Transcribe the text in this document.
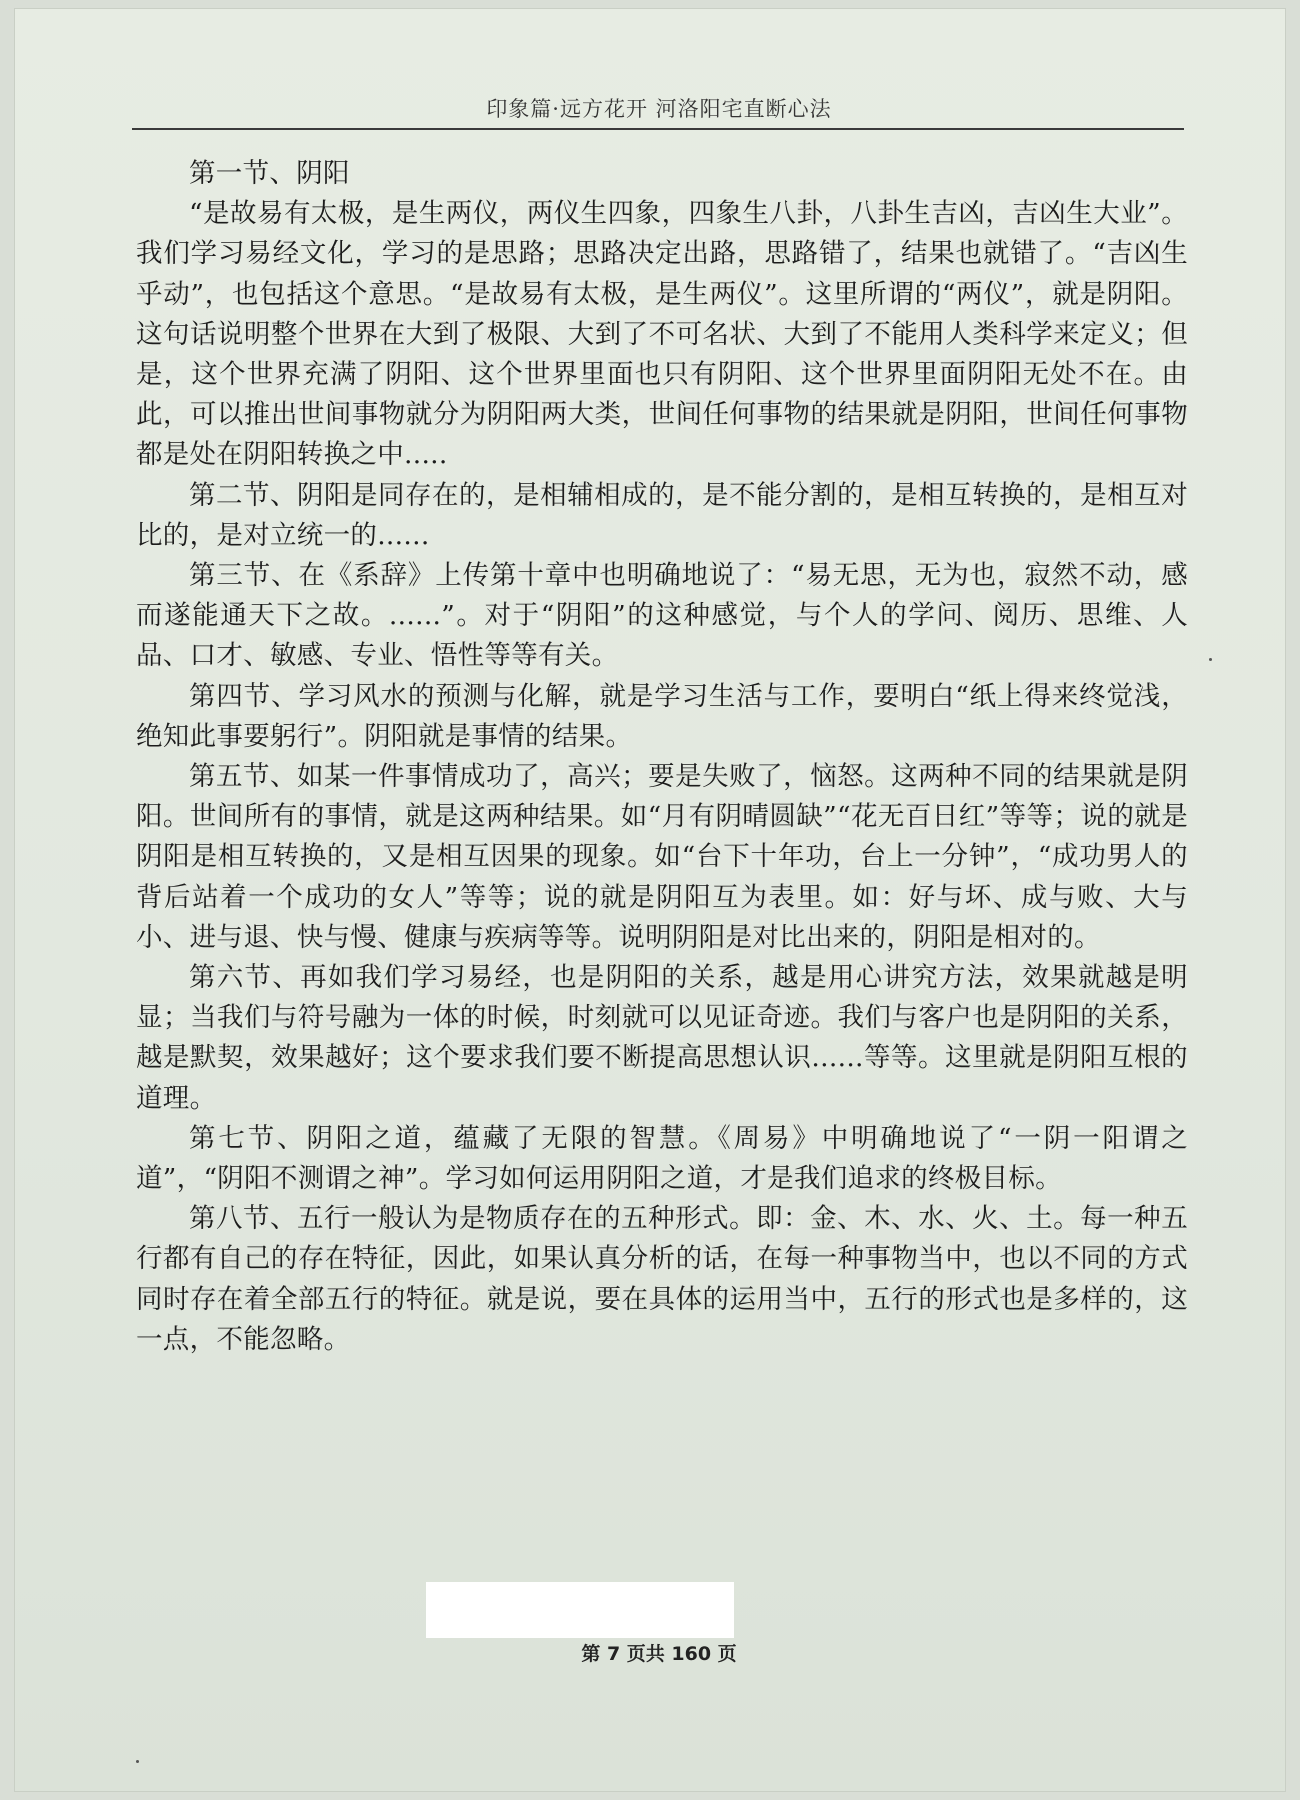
印象篇·远方花开 河洛阳宅直断心法

第一节、阴阳

“是故易有太极，是生两仪，两仪生四象，四象生八卦，八卦生吉凶，吉凶生大业”。我们学习易经文化，学习的是思路；思路决定出路，思路错了，结果也就错了。“吉凶生乎动”，也包括这个意思。“是故易有太极，是生两仪”。这里所谓的“两仪”，就是阴阳。这句话说明整个世界在大到了极限、大到了不可名状、大到了不能用人类科学来定义；但是，这个世界充满了阴阳、这个世界里面也只有阴阳、这个世界里面阴阳无处不在。由此，可以推出世间事物就分为阴阳两大类，世间任何事物的结果就是阴阳，世间任何事物都是处在阴阳转换之中.....

第二节、阴阳是同存在的，是相辅相成的，是不能分割的，是相互转换的，是相互对比的，是对立统一的......

第三节、在《系辞》上传第十章中也明确地说了：“易无思，无为也，寂然不动，感而遂能通天下之故。......”。对于“阴阳”的这种感觉，与个人的学问、阅历、思维、人品、口才、敏感、专业、悟性等等有关。

第四节、学习风水的预测与化解，就是学习生活与工作，要明白“纸上得来终觉浅，绝知此事要躬行”。阴阳就是事情的结果。

第五节、如某一件事情成功了，高兴；要是失败了，恼怒。这两种不同的结果就是阴阳。世间所有的事情，就是这两种结果。如“月有阴晴圆缺”“花无百日红”等等；说的就是阴阳是相互转换的，又是相互因果的现象。如“台下十年功，台上一分钟”，“成功男人的背后站着一个成功的女人”等等；说的就是阴阳互为表里。如：好与坏、成与败、大与小、进与退、快与慢、健康与疾病等等。说明阴阳是对比出来的，阴阳是相对的。

第六节、再如我们学习易经，也是阴阳的关系，越是用心讲究方法，效果就越是明显；当我们与符号融为一体的时候，时刻就可以见证奇迹。我们与客户也是阴阳的关系，越是默契，效果越好；这个要求我们要不断提高思想认识......等等。这里就是阴阳互根的道理。

第七节、阴阳之道，蕴藏了无限的智慧。《周易》中明确地说了“一阴一阳谓之道”，“阴阳不测谓之神”。学习如何运用阴阳之道，才是我们追求的终极目标。

第八节、五行一般认为是物质存在的五种形式。即：金、木、水、火、土。每一种五行都有自己的存在特征，因此，如果认真分析的话，在每一种事物当中，也以不同的方式同时存在着全部五行的特征。就是说，要在具体的运用当中，五行的形式也是多样的，这一点，不能忽略。

第 7 页共 160 页
